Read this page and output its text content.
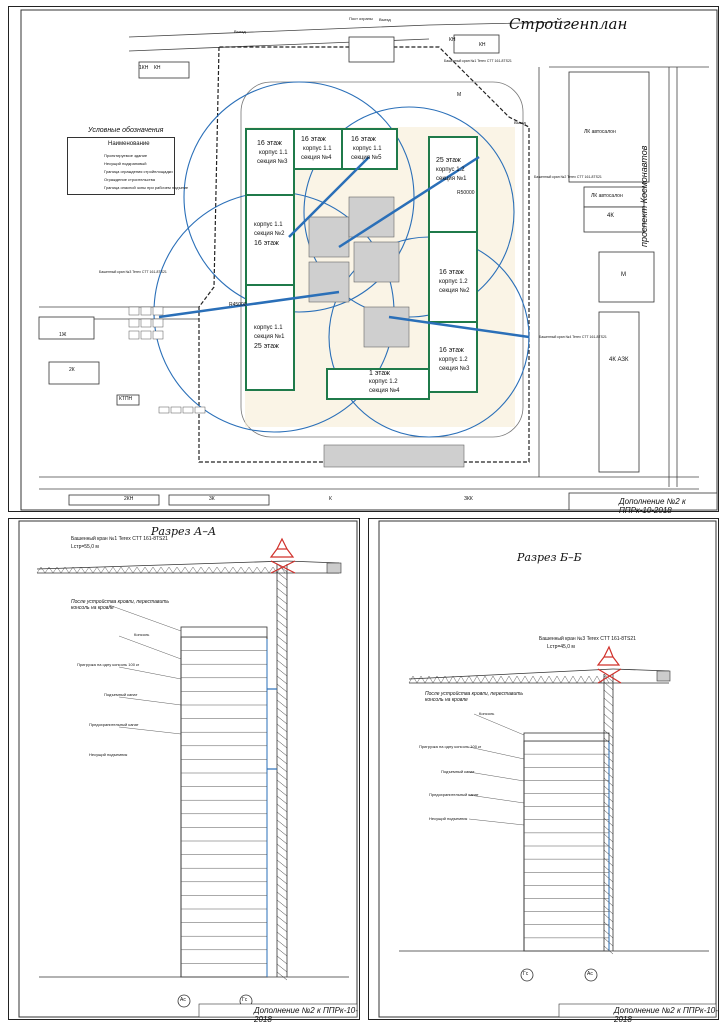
Стройгенплан
Дополнение №2 к ППРк-10-2018
Условные обозначения
Наименование
Проектируемое здание
Несущий подкрановый
Граница ограждения стройплощадки
Ограждение строительства
Граница опасной зоны при рабочем подъеме
16 этаж
корпус 1.1
секция №3
16 этаж
корпус 1.1
секция №4
16 этаж
корпус 1.1
секция №5
корпус 1.1
секция №2
16 этаж
корпус 1.1
секция №1
25 этаж
25 этаж
корпус 1.2
секция №1
16 этаж
корпус 1.2
секция №2
16 этаж
корпус 1.2
секция №3
1 этаж
корпус 1.2
секция №4
проспект Космонавтов
ЛК автосалон
ЛК автосалон
4К
М
4К АЗК
1Ж
2К
КТПН
КН
1КН
2КН	3К	К	ЗКК
КН
Выезд
Выезд
Пост охраны
Выезд
КН
М
Башенный кран №1 Terex CTT 161-8TS21
Башенный кран №2 Terex CTT 161-8TS21
Башенный кран №3 Terex CTT 161-8TS21
Башенный кран №4 Terex CTT 161-8TS21
R50000
R45000
Разрез А–А
Башенный кран №1 Terex CTT 161-8TS21
Lстр=55,0 м
После устройства кровли, переставить консоль на кровле
Консоль
Пригрузка на одну консоль 100 кг
Подъемный канат
Предохранительный канат
Несущий подъемник
Ас	Гс
Дополнение №2 к ППРк-10-2018
Разрез Б–Б
Башенный кран №3 Terex CTT 161-8TS21
Lстр=45,0 м
После устройства кровли, переставить консоль на кровле
Консоль
Пригрузка на одну консоль 100 кг
Подъемный канат
Предохранительный канат
Несущий подъемник
Гс	Ас
Дополнение №2 к ППРк-10-2018
